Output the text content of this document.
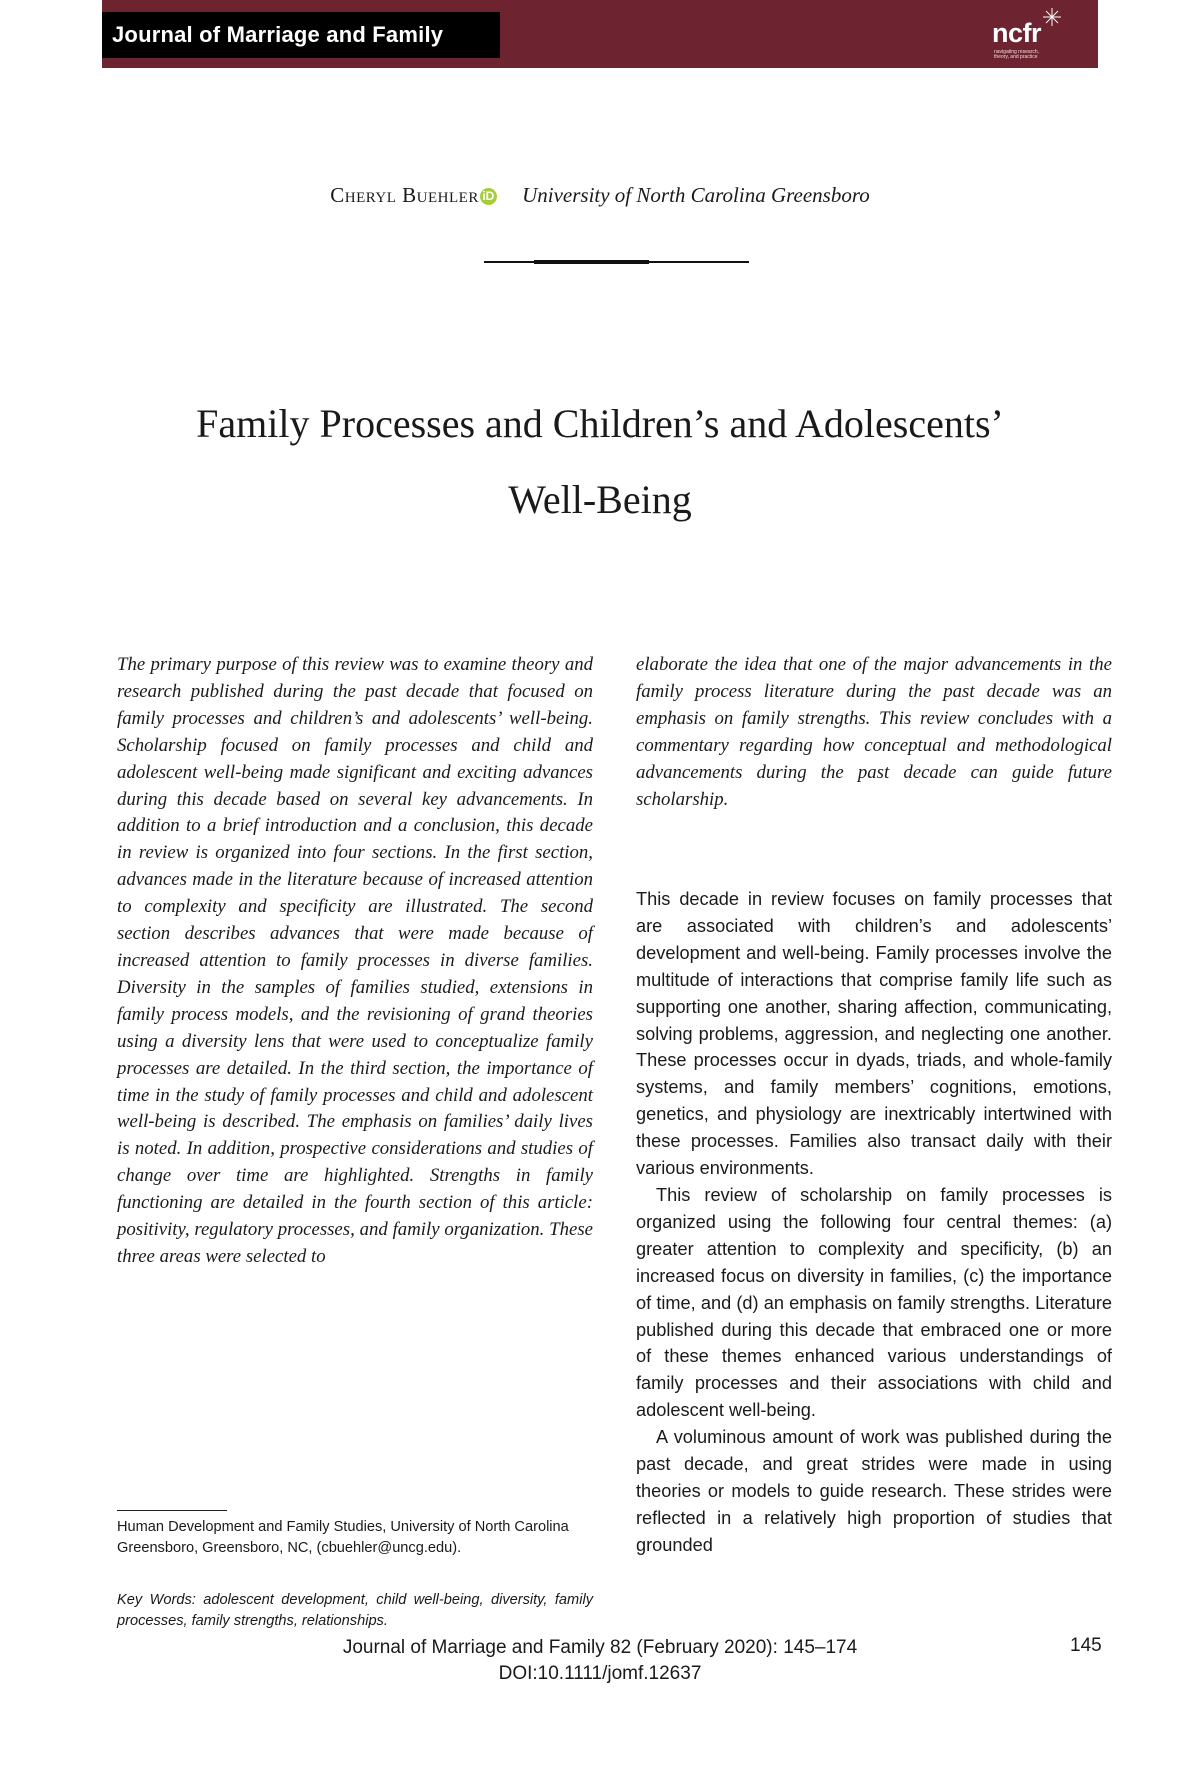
Journal of Marriage and Family	ncfr
navigating research, theory, and practice
Cheryl Buehler iD University of North Carolina Greensboro
Family Processes and Children’s and Adolescents’
Well-Being

The primary purpose of this review was to examine theory and research published during the past decade that focused on family processes and children’s and adolescents’ well-being. Scholarship focused on family processes and child and adolescent well-being made significant and exciting advances during this decade based on several key advancements. In addition to a brief introduction and a conclusion, this decade in review is organized into four sections. In the first section, advances made in the literature because of increased attention to complexity and specificity are illustrated. The second section describes advances that were made because of increased attention to family processes in diverse families. Diversity in the samples of families studied, extensions in family process models, and the revisioning of grand theories using a diversity lens that were used to conceptualize family processes are detailed. In the third section, the importance of time in the study of family processes and child and adolescent well-being is described. The emphasis on families’ daily lives is noted. In addition, prospective considerations and studies of change over time are highlighted. Strengths in family functioning are detailed in the fourth section of this article: positivity, regulatory processes, and family organization. These three areas were selected to

elaborate the idea that one of the major advancements in the family process literature during the past decade was an emphasis on family strengths. This review concludes with a commentary regarding how conceptual and methodological advancements during the past decade can guide future scholarship.

This decade in review focuses on family processes that are associated with children’s and adolescents’ development and well-being. Family processes involve the multitude of interactions that comprise family life such as supporting one another, sharing affection, communicating, solving problems, aggression, and neglecting one another. These processes occur in dyads, triads, and whole-family systems, and family members’ cognitions, emotions, genetics, and physiology are inextricably intertwined with these processes. Families also transact daily with their various environments.

This review of scholarship on family processes is organized using the following four central themes: (a) greater attention to complexity and specificity, (b) an increased focus on diversity in families, (c) the importance of time, and (d) an emphasis on family strengths. Literature published during this decade that embraced one or more of these themes enhanced various understandings of family processes and their associations with child and adolescent well-being.

A voluminous amount of work was published during the past decade, and great strides were made in using theories or models to guide research. These strides were reflected in a relatively high proportion of studies that grounded

Human Development and Family Studies, University of North Carolina Greensboro, Greensboro, NC, (cbuehler@uncg.edu).

Key Words: adolescent development, child well-being, diversity, family processes, family strengths, relationships.

Journal of Marriage and Family 82 (February 2020): 145–174
DOI:10.1111/jomf.12637
145
